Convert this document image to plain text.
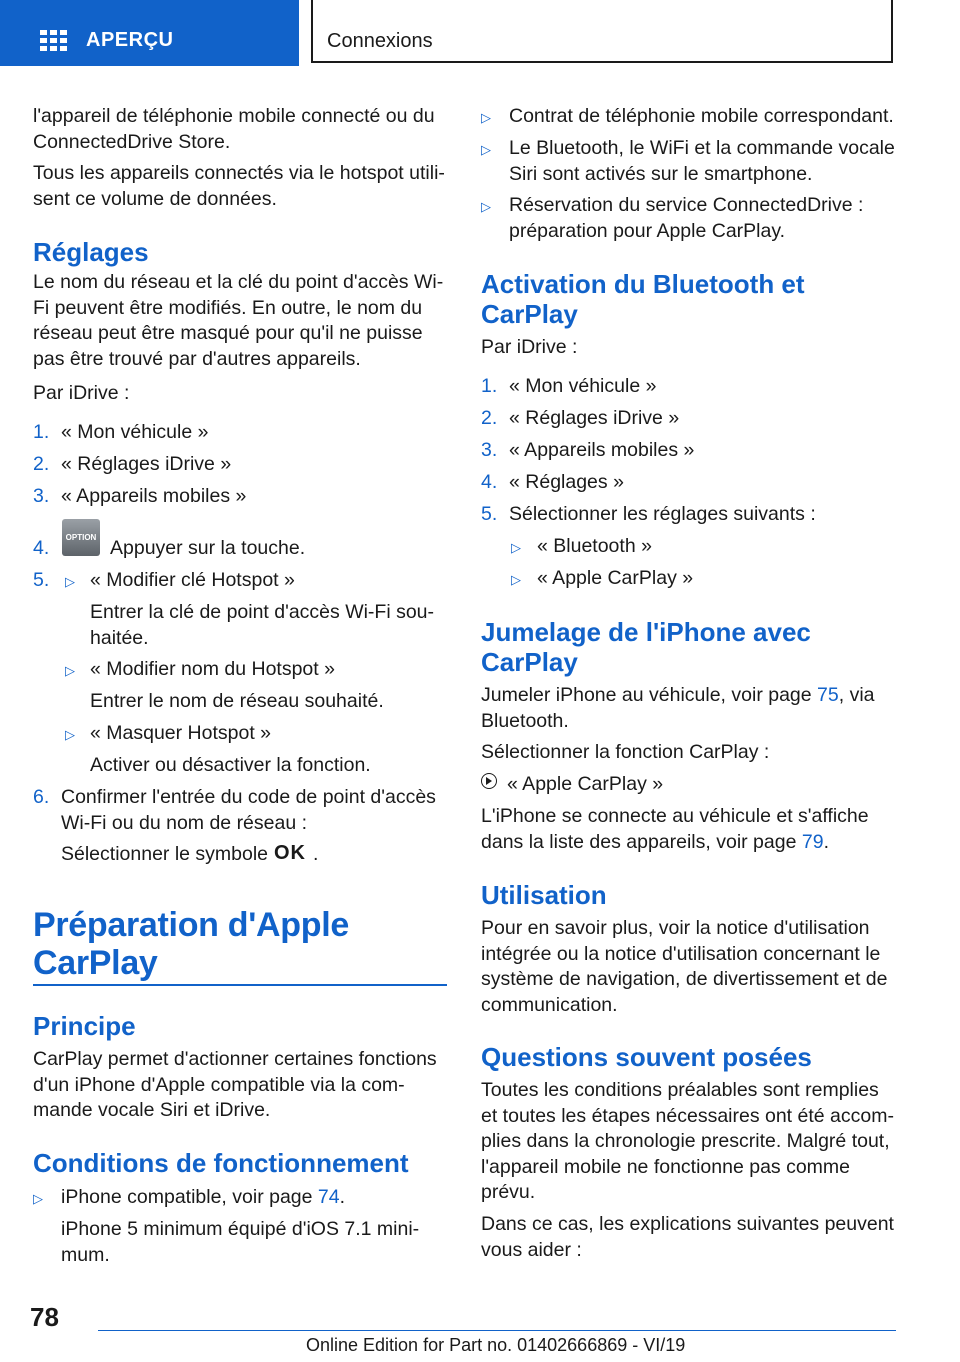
APERÇU	Connexions

l'appareil de téléphonie mobile connecté ou du ConnectedDrive Store.

Tous les appareils connectés via le hotspot utilisent ce volume de données.

Réglages

Le nom du réseau et la clé du point d'accès Wi-Fi peuvent être modifiés. En outre, le nom du réseau peut être masqué pour qu'il ne puisse pas être trouvé par d'autres appareils.

Par iDrive :

1. « Mon véhicule »
2. « Réglages iDrive »
3. « Appareils mobiles »
4.	Appuyer sur la touche.
5. ▷ « Modifier clé Hotspot »

Entrer la clé de point d'accès Wi-Fi souhaitée.

▷ « Modifier nom du Hotspot »

Entrer le nom de réseau souhaité.

▷ « Masquer Hotspot »

Activer ou désactiver la fonction.

6. Confirmer l'entrée du code de point d'accès Wi-Fi ou du nom de réseau :

Sélectionner le symbole OK .
Préparation d'Apple CarPlay
OPTION
Principe

CarPlay permet d'actionner certaines fonctions d'un iPhone d'Apple compatible via la commande vocale Siri et iDrive.

Conditions de fonctionnement
▷ iPhone compatible, voir page 74.

iPhone 5 minimum équipé d'iOS 7.1 minimum.

▷ Contrat de téléphonie mobile correspondant.

▷ Le Bluetooth, le WiFi et la commande vocale Siri sont activés sur le smartphone.

▷ Réservation du service ConnectedDrive : préparation pour Apple CarPlay.

Activation du Bluetooth et CarPlay

Par iDrive :

1. « Mon véhicule »
2. « Réglages iDrive »
3. « Appareils mobiles »
4. « Réglages »
5. Sélectionner les réglages suivants :
▷ « Bluetooth »
▷ « Apple CarPlay »
Jumelage de l'iPhone avec CarPlay

Jumeler iPhone au véhicule, voir page 75, via Bluetooth.

Sélectionner la fonction CarPlay :

« Apple CarPlay »

L'iPhone se connecte au véhicule et s'affiche dans la liste des appareils, voir page 79.

Utilisation

Pour en savoir plus, voir la notice d'utilisation intégrée ou la notice d'utilisation concernant le système de navigation, de divertissement et de communication.

Questions souvent posées

Toutes les conditions préalables sont remplies et toutes les étapes nécessaires ont été accomplies dans la chronologie prescrite. Malgré tout, l'appareil mobile ne fonctionne pas comme prévu.

Dans ce cas, les explications suivantes peuvent vous aider :

78
Online Edition for Part no. 01402666869 - VI/19
